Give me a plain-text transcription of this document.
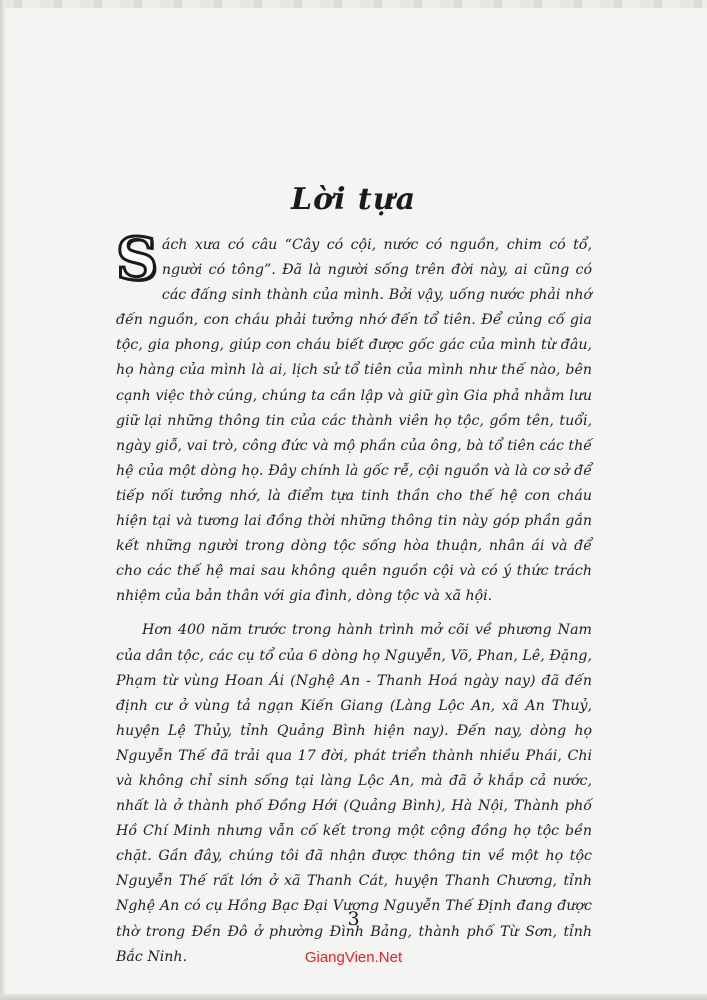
Lời tựa

Sách xưa có câu “Cây có cội, nước có nguồn, chim có tổ, người có tông”. Đã là người sống trên đời này, ai cũng có các đấng sinh thành của mình. Bởi vậy, uống nước phải nhớ đến nguồn, con cháu phải tưởng nhớ đến tổ tiên. Để củng cố gia tộc, gia phong, giúp con cháu biết được gốc gác của mình từ đâu, họ hàng của mình là ai, lịch sử tổ tiên của mình như thế nào, bên cạnh việc thờ cúng, chúng ta cần lập và giữ gìn Gia phả nhằm lưu giữ lại những thông tin của các thành viên họ tộc, gồm tên, tuổi, ngày giỗ, vai trò, công đức và mộ phần của ông, bà tổ tiên các thế hệ của một dòng họ. Đây chính là gốc rễ, cội nguồn và là cơ sở để tiếp nối tưởng nhớ, là điểm tựa tinh thần cho thế hệ con cháu hiện tại và tương lai đồng thời những thông tin này góp phần gắn kết những người trong dòng tộc sống hòa thuận, nhân ái và để cho các thế hệ mai sau không quên nguồn cội và có ý thức trách nhiệm của bản thân với gia đình, dòng tộc và xã hội.

Hơn 400 năm trước trong hành trình mở cõi về phương Nam của dân tộc, các cụ tổ của 6 dòng họ Nguyễn, Võ, Phan, Lê, Đặng, Phạm từ vùng Hoan Ái (Nghệ An - Thanh Hoá ngày nay) đã đến định cư ở vùng tả ngạn Kiến Giang (Làng Lộc An, xã An Thuỷ, huyện Lệ Thủy, tỉnh Quảng Bình hiện nay). Đến nay, dòng họ Nguyễn Thế đã trải qua 17 đời, phát triển thành nhiều Phái, Chi và không chỉ sinh sống tại làng Lộc An, mà đã ở khắp cả nước, nhất là ở thành phố Đồng Hới (Quảng Bình), Hà Nội, Thành phố Hồ Chí Minh nhưng vẫn cố kết trong một cộng đồng họ tộc bền chặt. Gần đây, chúng tôi đã nhận được thông tin về một họ tộc Nguyễn Thế rất lớn ở xã Thanh Cát, huyện Thanh Chương, tỉnh Nghệ An có cụ Hồng Bạc Đại Vương Nguyễn Thế Định đang được thờ trong Đền Đô ở phường Đình Bảng, thành phố Từ Sơn, tỉnh Bắc Ninh.

3
GiangVien.Net
